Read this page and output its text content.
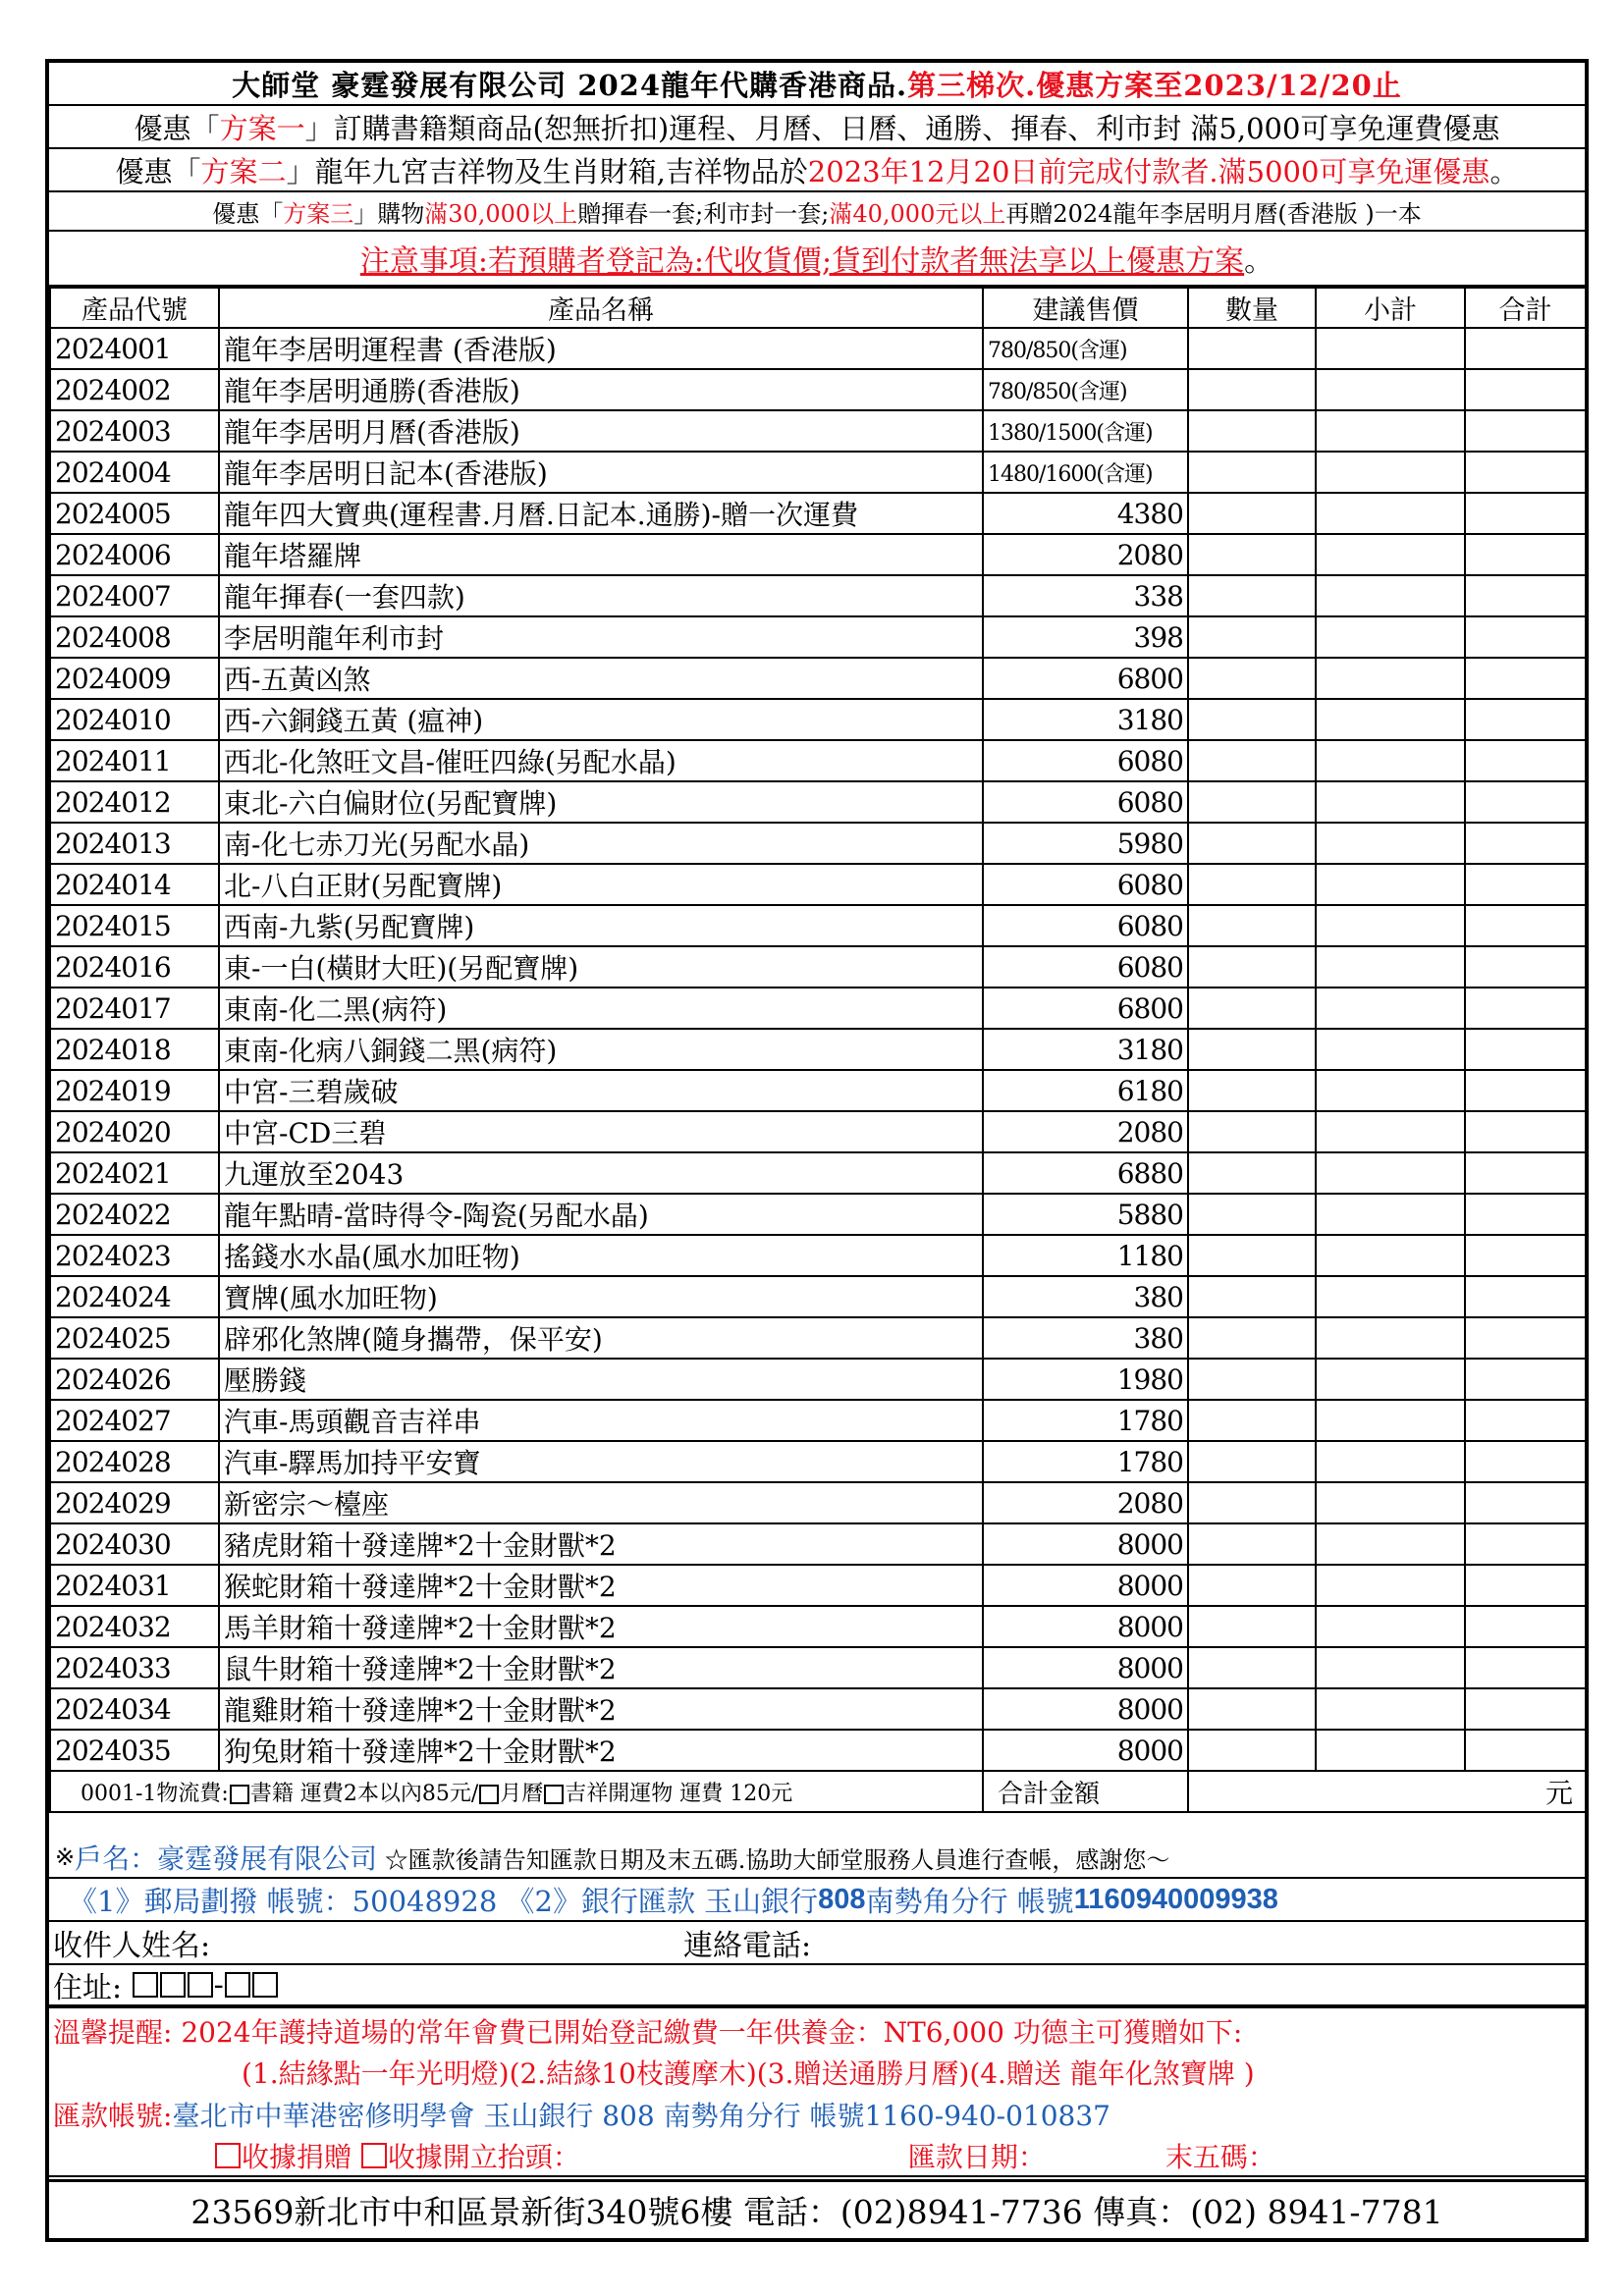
大師堂 豪霆發展有限公司 2024龍年代購香港商品. 第三梯次.優惠方案至2023/12/20止
優惠「 方案一 」訂購書籍類商品(恕無折扣)運程、月曆、日曆、通勝、揮春、利市封 滿5,000可享免運費優惠
優惠「 方案二 」龍年九宮吉祥物及生肖財箱,吉祥物品於 2023年12月20日前完成付款者.滿5000可享免運優惠 。
優惠「 方案三 」購物 滿30,000以上 贈揮春一套;利市封一套; 滿40,000元以上 再贈2024龍年李居明月曆(香港版 )一本
注意事項:若預購者登記為:代收貨價;貨到付款者無法享以上優惠方案 。
產品代號	產品名稱	建議售價	數量	小計	合計
2024001	龍年李居明運程書 (香港版)	780/850(含運)			
2024002	龍年李居明通勝(香港版)	780/850(含運)			
2024003	龍年李居明月曆(香港版)	1380/1500(含運)			
2024004	龍年李居明日記本(香港版)	1480/1600(含運)			
2024005	龍年四大寶典(運程書.月曆.日記本.通勝)-贈一次運費	4380			
2024006	龍年塔羅牌	2080			
2024007	龍年揮春(一套四款)	338			
2024008	李居明龍年利市封	398			
2024009	西-五黃凶煞	6800			
2024010	西-六銅錢五黃 (瘟神)	3180			
2024011	西北-化煞旺文昌-催旺四綠(另配水晶)	6080			
2024012	東北-六白偏財位(另配寶牌)	6080			
2024013	南-化七赤刀光(另配水晶)	5980			
2024014	北-八白正財(另配寶牌)	6080			
2024015	西南-九紫(另配寶牌)	6080			
2024016	東-一白(橫財大旺)(另配寶牌)	6080			
2024017	東南-化二黑(病符)	6800			
2024018	東南-化病八銅錢二黑(病符)	3180			
2024019	中宮-三碧歲破	6180			
2024020	中宮-CD三碧	2080			
2024021	九運放至2043	6880			
2024022	龍年點晴-當時得令-陶瓷(另配水晶)	5880			
2024023	搖錢水水晶(風水加旺物)	1180			
2024024	寶牌(風水加旺物)	380			
2024025	辟邪化煞牌(隨身攜帶，保平安)	380			
2024026	壓勝錢	1980			
2024027	汽車-馬頭觀音吉祥串	1780			
2024028	汽車-驛馬加持平安寶	1780			
2024029	新密宗～檯座	2080			
2024030	豬虎財箱十發達牌*2十金財獸*2	8000			
2024031	猴蛇財箱十發達牌*2十金財獸*2	8000			
2024032	馬羊財箱十發達牌*2十金財獸*2	8000			
2024033	鼠牛財箱十發達牌*2十金財獸*2	8000			
2024034	龍雞財箱十發達牌*2十金財獸*2	8000			
2024035	狗兔財箱十發達牌*2十金財獸*2	8000			
0001-1物流費: 書籍 運費2本以內85元/ 月曆 吉祥開運物 運費 120元		合計金額	元		
※ 戶名：豪霆發展有限公司
☆匯款後請告知匯款日期及末五碼.協助大師堂服務人員進行查帳，感謝您～
《1》郵局劃撥 帳號：50048928
《2》銀行匯款 玉山銀行 808 南勢角分行 帳號 1160940009938
收件人姓名:	連絡電話:
住址:
	-
溫馨提醒: 2024年護持道場的常年會費已開始登記繳費一年供養金：NT6,000 功德主可獲贈如下:
(1.結緣點一年光明燈)(2.結緣10枝護摩木)(3.贈送通勝月曆)(4.贈送 龍年化煞寶牌 )
匯款帳號: 臺北市中華港密修明學會 玉山銀行 808 南勢角分行 帳號1160-940-010837
收據捐贈
收據開立抬頭：	匯款日期：	末五碼：
23569新北市中和區景新街340號6樓 電話：(02)8941-7736 傳真：(02) 8941-7781
